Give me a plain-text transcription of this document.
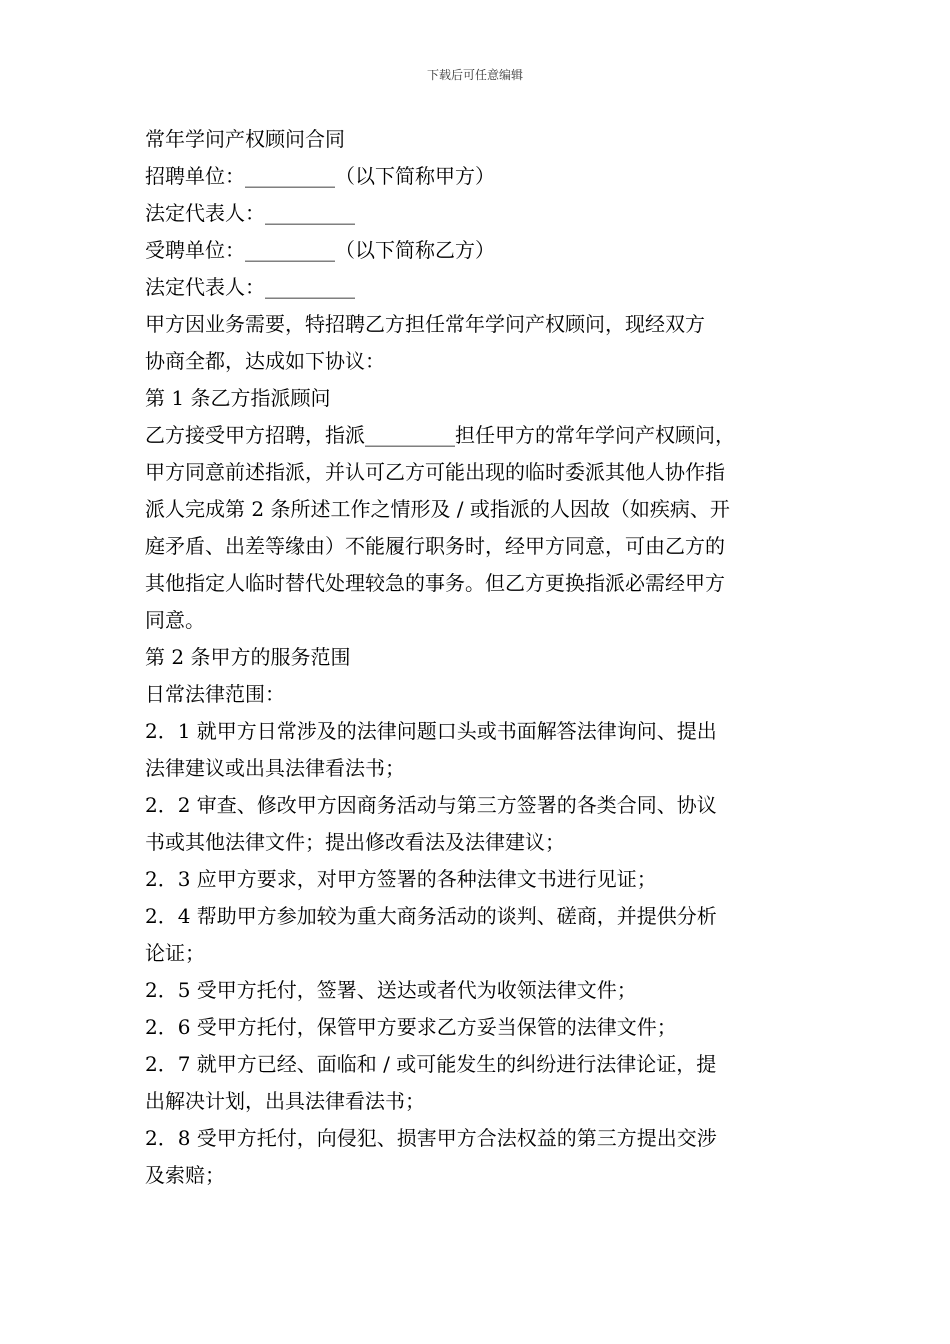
下载后可任意编辑

常年学问产权顾问合同

招聘单位：_________（以下简称甲方）

法定代表人：_________

受聘单位：_________（以下简称乙方）

法定代表人：_________

甲方因业务需要，特招聘乙方担任常年学问产权顾问，现经双方

协商全都，达成如下协议：

第 1 条乙方指派顾问

乙方接受甲方招聘，指派_________担任甲方的常年学问产权顾问，

甲方同意前述指派，并认可乙方可能出现的临时委派其他人协作指

派人完成第 2 条所述工作之情形及 / 或指派的人因故（如疾病、开

庭矛盾、出差等缘由）不能履行职务时，经甲方同意，可由乙方的

其他指定人临时替代处理较急的事务。但乙方更换指派必需经甲方

同意。

第 2 条甲方的服务范围

日常法律范围：

2．1 就甲方日常涉及的法律问题口头或书面解答法律询问、提出

法律建议或出具法律看法书；

2．2 审查、修改甲方因商务活动与第三方签署的各类合同、协议

书或其他法律文件；提出修改看法及法律建议；

2．3 应甲方要求，对甲方签署的各种法律文书进行见证；

2．4 帮助甲方参加较为重大商务活动的谈判、磋商，并提供分析

论证；

2．5 受甲方托付，签署、送达或者代为收领法律文件；

2．6 受甲方托付，保管甲方要求乙方妥当保管的法律文件；

2．7 就甲方已经、面临和 / 或可能发生的纠纷进行法律论证，提

出解决计划，出具法律看法书；

2．8 受甲方托付，向侵犯、损害甲方合法权益的第三方提出交涉

及索赔；
